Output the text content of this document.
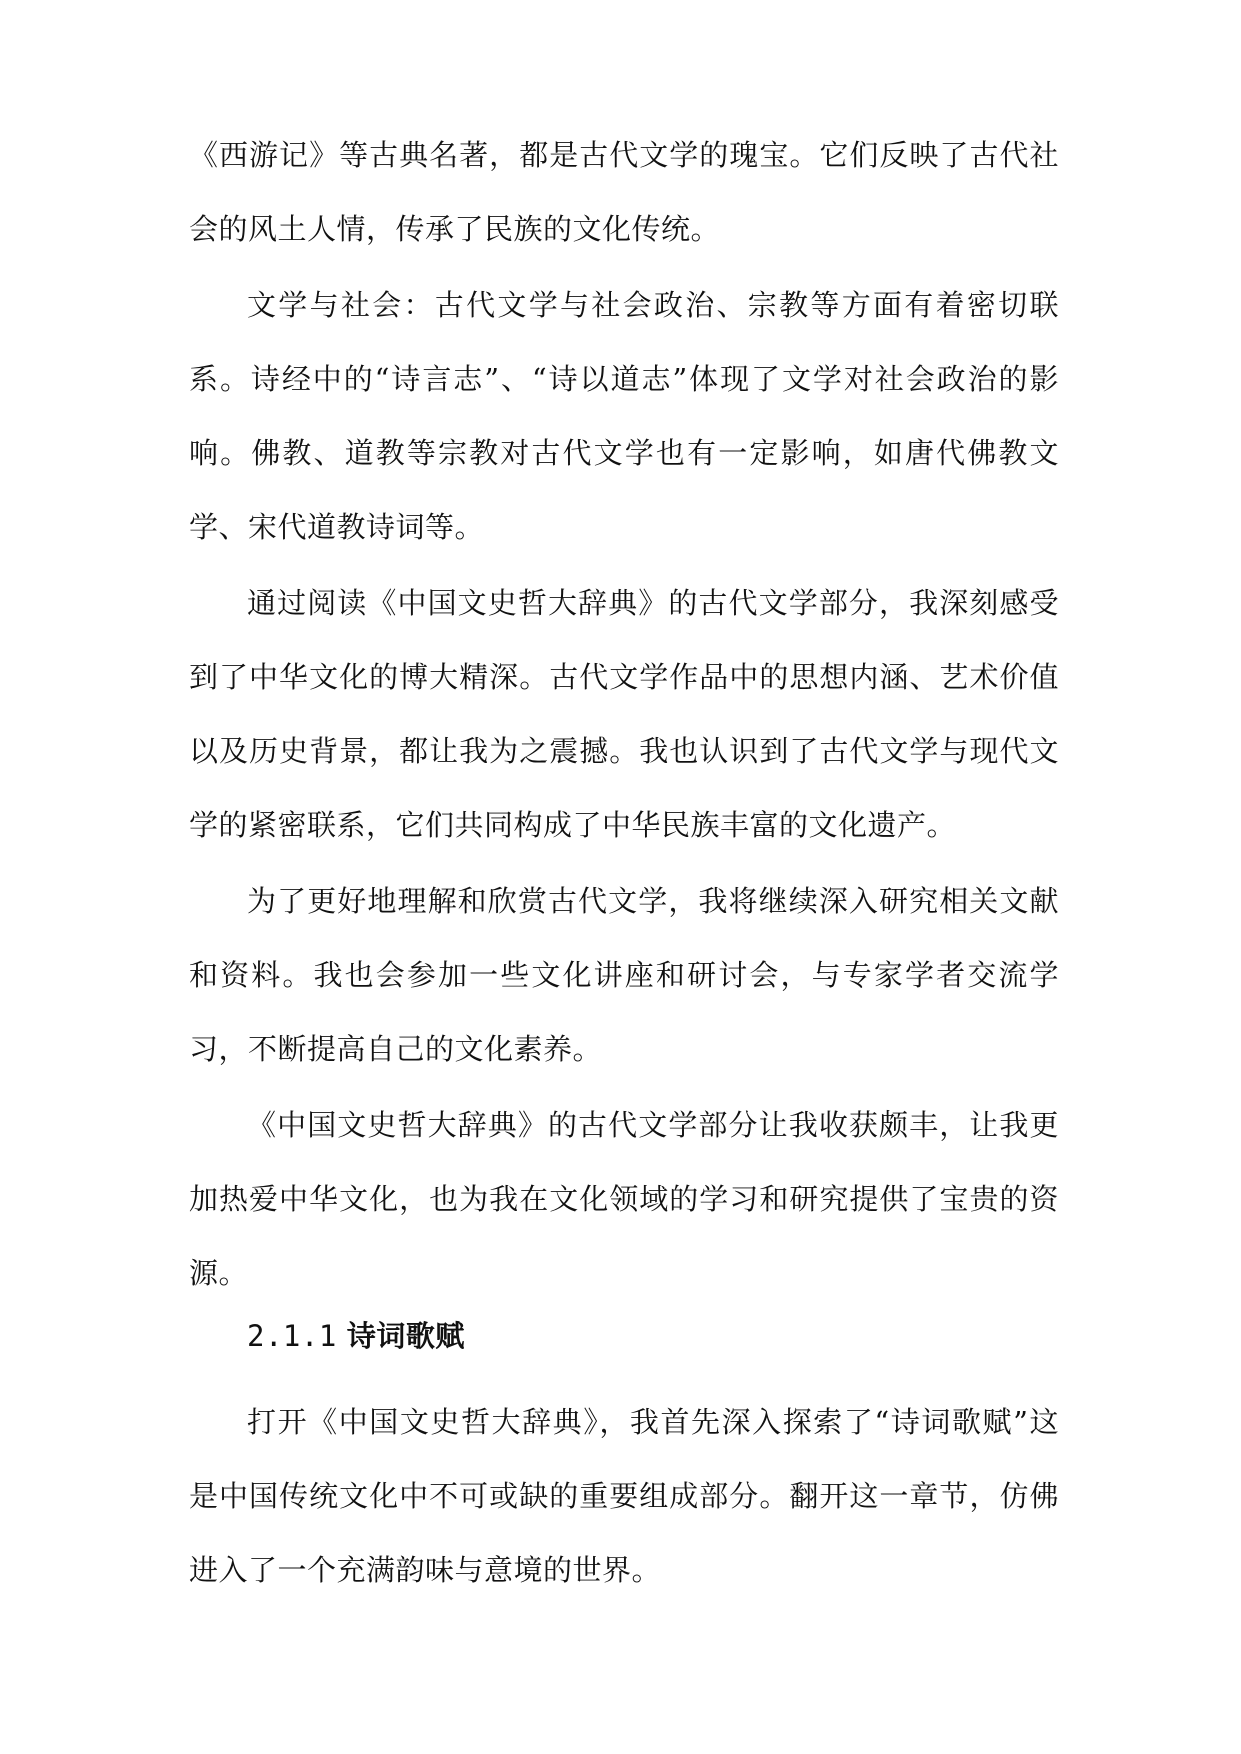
《西游记》等古典名著，都是古代文学的瑰宝。它们反映了古代社会的风土人情，传承了民族的文化传统。

文学与社会：古代文学与社会政治、宗教等方面有着密切联系。诗经中的“诗言志”、“诗以道志”体现了文学对社会政治的影响。佛教、道教等宗教对古代文学也有一定影响，如唐代佛教文学、宋代道教诗词等。

通过阅读《中国文史哲大辞典》的古代文学部分，我深刻感受到了中华文化的博大精深。古代文学作品中的思想内涵、艺术价值以及历史背景，都让我为之震撼。我也认识到了古代文学与现代文学的紧密联系，它们共同构成了中华民族丰富的文化遗产。

为了更好地理解和欣赏古代文学，我将继续深入研究相关文献和资料。我也会参加一些文化讲座和研讨会，与专家学者交流学习，不断提高自己的文化素养。

《中国文史哲大辞典》的古代文学部分让我收获颇丰，让我更加热爱中华文化，也为我在文化领域的学习和研究提供了宝贵的资源。

2.1.1 诗词歌赋

打开《中国文史哲大辞典》，我首先深入探索了“诗词歌赋”这是中国传统文化中不可或缺的重要组成部分。翻开这一章节，仿佛进入了一个充满韵味与意境的世界。
